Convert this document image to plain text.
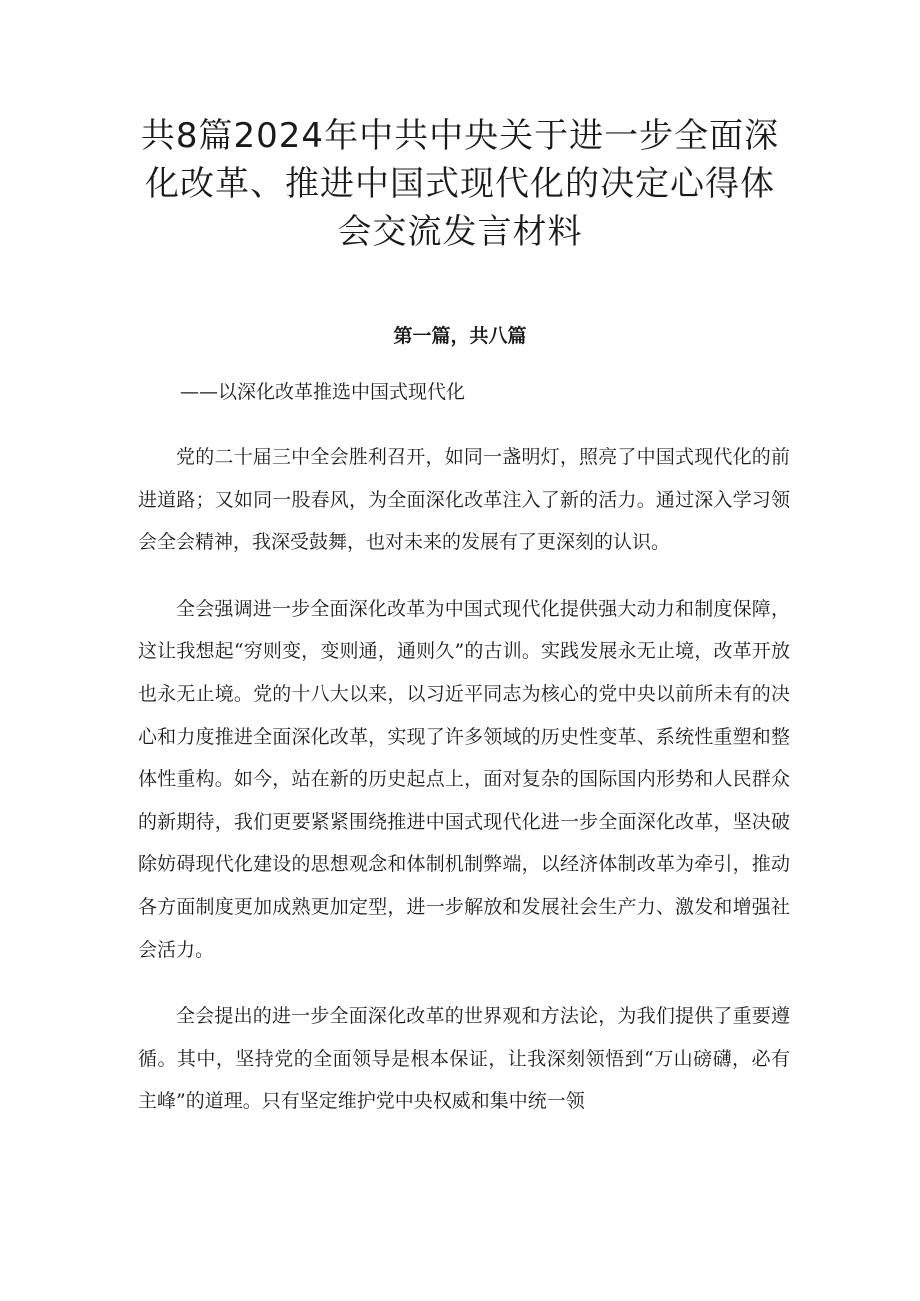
共8篇2024年中共中央关于进一步全面深
化改革、推进中国式现代化的决定心得体
会交流发言材料
第一篇，共八篇
——以深化改革推选中国式现代化

党的二十届三中全会胜利召开，如同一盏明灯，照亮了中国式现代化的前进道路；又如同一股春风，为全面深化改革注入了新的活力。通过深入学习领会全会精神，我深受鼓舞，也对未来的发展有了更深刻的认识。

全会强调进一步全面深化改革为中国式现代化提供强大动力和制度保障，这让我想起“穷则变，变则通，通则久”的古训。实践发展永无止境，改革开放也永无止境。党的十八大以来，以习近平同志为核心的党中央以前所未有的决心和力度推进全面深化改革，实现了许多领域的历史性变革、系统性重塑和整体性重构。如今，站在新的历史起点上，面对复杂的国际国内形势和人民群众的新期待，我们更要紧紧围绕推进中国式现代化进一步全面深化改革，坚决破除妨碍现代化建设的思想观念和体制机制弊端，以经济体制改革为牵引，推动各方面制度更加成熟更加定型，进一步解放和发展社会生产力、激发和增强社会活力。

全会提出的进一步全面深化改革的世界观和方法论，为我们提供了重要遵循。其中，坚持党的全面领导是根本保证，让我深刻领悟到“万山磅礴，必有主峰”的道理。只有坚定维护党中央权威和集中统一领
